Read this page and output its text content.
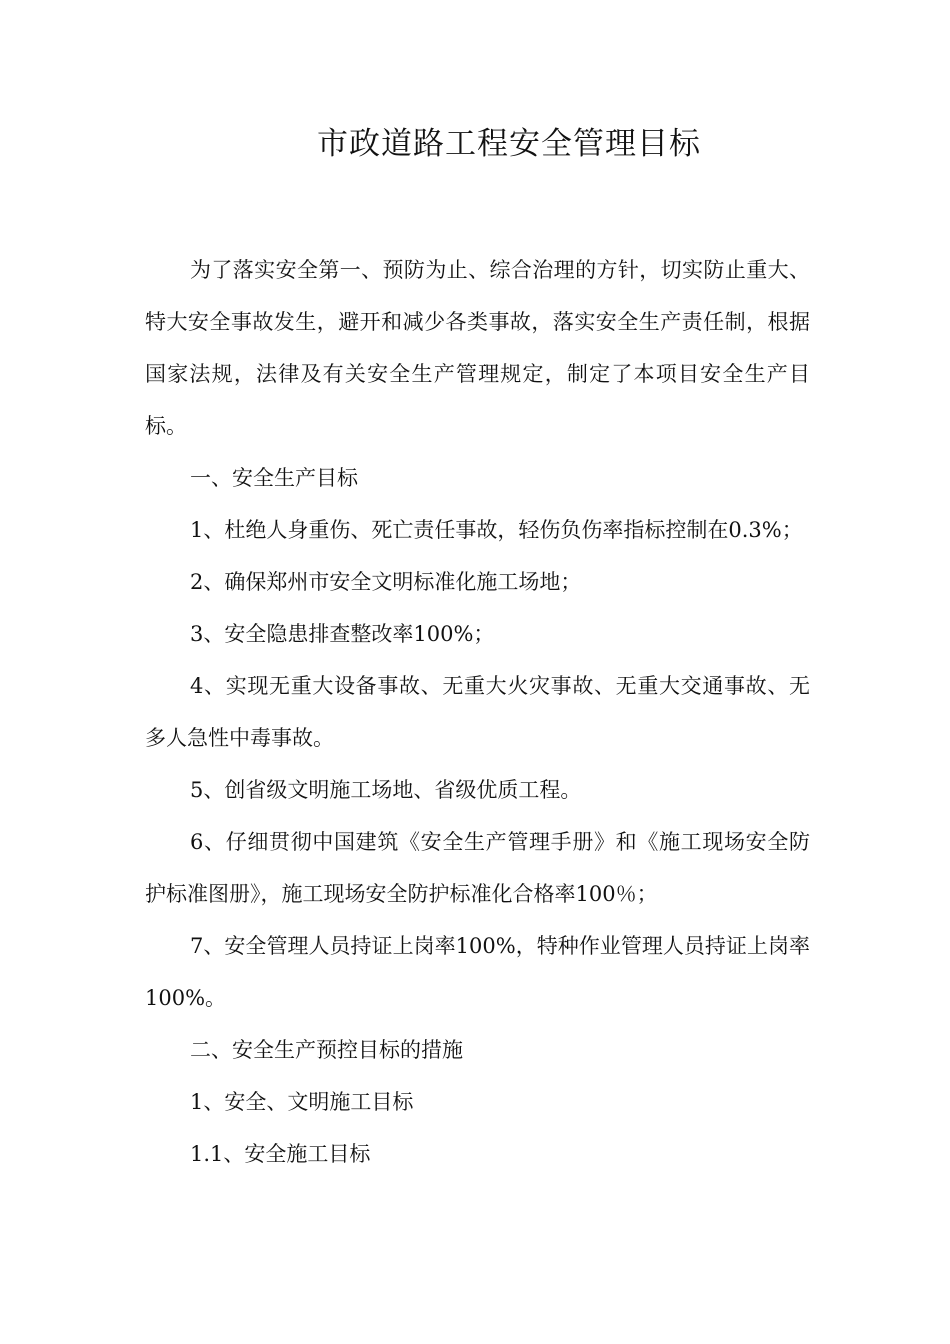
市政道路工程安全管理目标

为了落实安全第一、预防为止、综合治理的方针，切实防止重大、特大安全事故发生，避开和减少各类事故，落实安全生产责任制，根据国家法规，法律及有关安全生产管理规定，制定了本项目安全生产目标。

一、安全生产目标

1、杜绝人身重伤、死亡责任事故，轻伤负伤率指标控制在0.3%；

2、确保郑州市安全文明标准化施工场地；

3、安全隐患排查整改率100%；

4、实现无重大设备事故、无重大火灾事故、无重大交通事故、无多人急性中毒事故。

5、创省级文明施工场地、省级优质工程。

6、仔细贯彻中国建筑《安全生产管理手册》和《施工现场安全防护标准图册》，施工现场安全防护标准化合格率100％；

7、安全管理人员持证上岗率100%，特种作业管理人员持证上岗率100%。

二、安全生产预控目标的措施

1、安全、文明施工目标

1.1、安全施工目标
